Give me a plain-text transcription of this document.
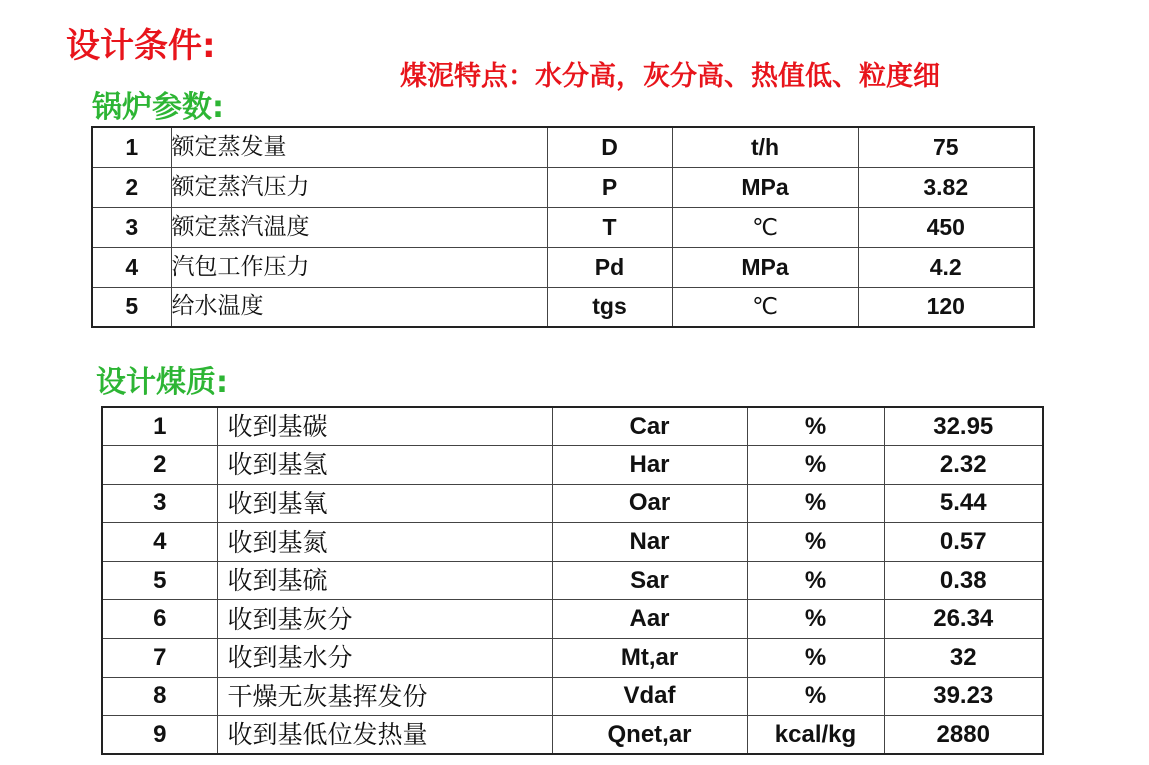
设计条件:
煤泥特点：水分高，灰分高、热值低、粒度细
锅炉参数:
1	额定蒸发量	D	t/h	75
2	额定蒸汽压力	P	MPa	3.82
3	额定蒸汽温度	T	℃	450
4	汽包工作压力	Pd	MPa	4.2
5	给水温度	tgs	℃	120
设计煤质:
1	收到基碳	Car	%	32.95
2	收到基氢	Har	%	2.32
3	收到基氧	Oar	%	5.44
4	收到基氮	Nar	%	0.57
5	收到基硫	Sar	%	0.38
6	收到基灰分	Aar	%	26.34
7	收到基水分	Mt,ar	%	32
8	干燥无灰基挥发份	Vdaf	%	39.23
9	收到基低位发热量	Qnet,ar	kcal/kg	2880
